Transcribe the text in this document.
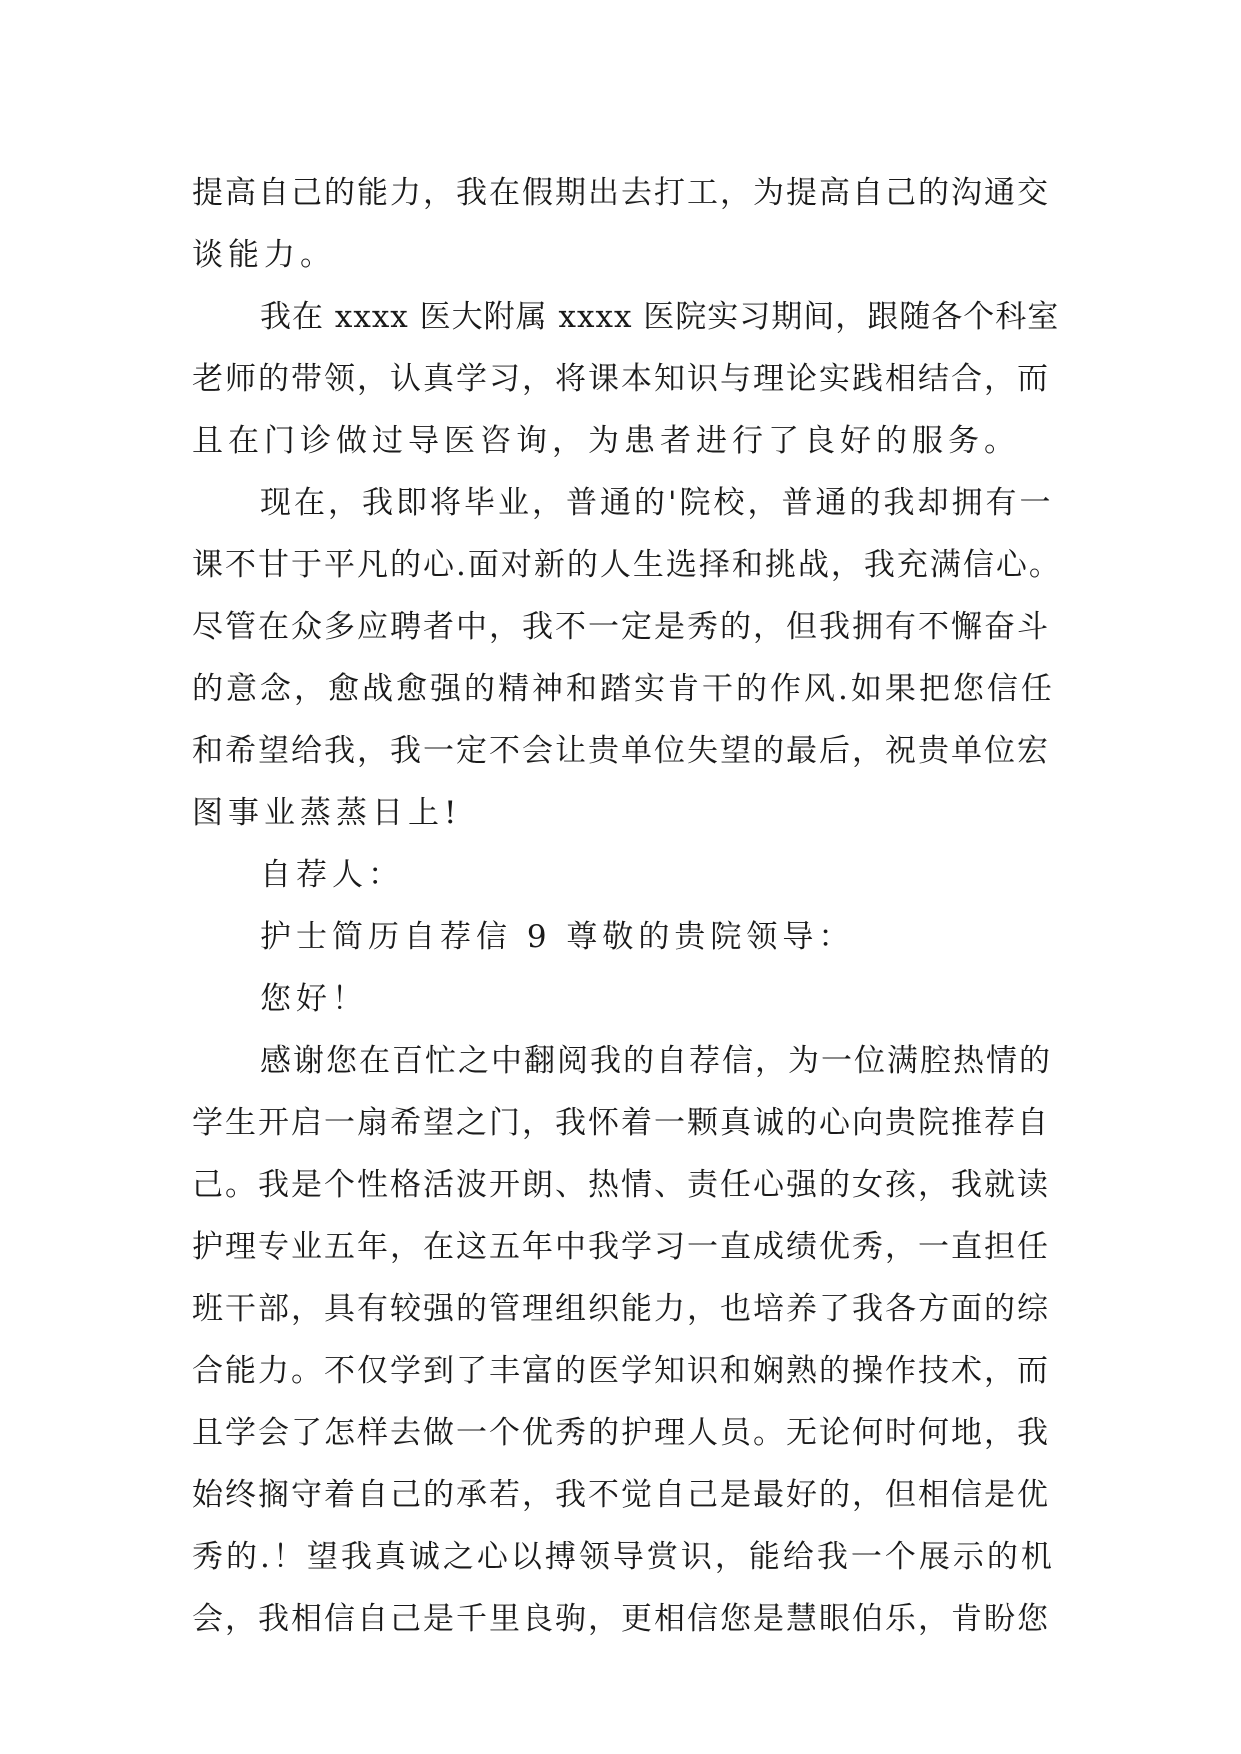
提高自己的能力，我在假期出去打工，为提高自己的沟通交
谈能力。
我在 xxxx 医大附属 xxxx 医院实习期间，跟随各个科室
老师的带领，认真学习，将课本知识与理论实践相结合，而
且在门诊做过导医咨询，为患者进行了良好的服务。
现在，我即将毕业，普通的'院校，普通的我却拥有一
课不甘于平凡的心.面对新的人生选择和挑战，我充满信心。
尽管在众多应聘者中，我不一定是秀的，但我拥有不懈奋斗
的意念，愈战愈强的精神和踏实肯干的作风.如果把您信任
和希望给我，我一定不会让贵单位失望的最后，祝贵单位宏
图事业蒸蒸日上!
自荐人：
护士简历自荐信 9 尊敬的贵院领导：
您好！
感谢您在百忙之中翻阅我的自荐信，为一位满腔热情的
学生开启一扇希望之门，我怀着一颗真诚的心向贵院推荐自
己。我是个性格活波开朗、热情、责任心强的女孩，我就读
护理专业五年，在这五年中我学习一直成绩优秀，一直担任
班干部，具有较强的管理组织能力，也培养了我各方面的综
合能力。不仅学到了丰富的医学知识和娴熟的操作技术，而
且学会了怎样去做一个优秀的护理人员。无论何时何地，我
始终搁守着自己的承若，我不觉自己是最好的，但相信是优
秀的.！望我真诚之心以搏领导赏识，能给我一个展示的机
会，我相信自己是千里良驹，更相信您是慧眼伯乐，肯盼您
